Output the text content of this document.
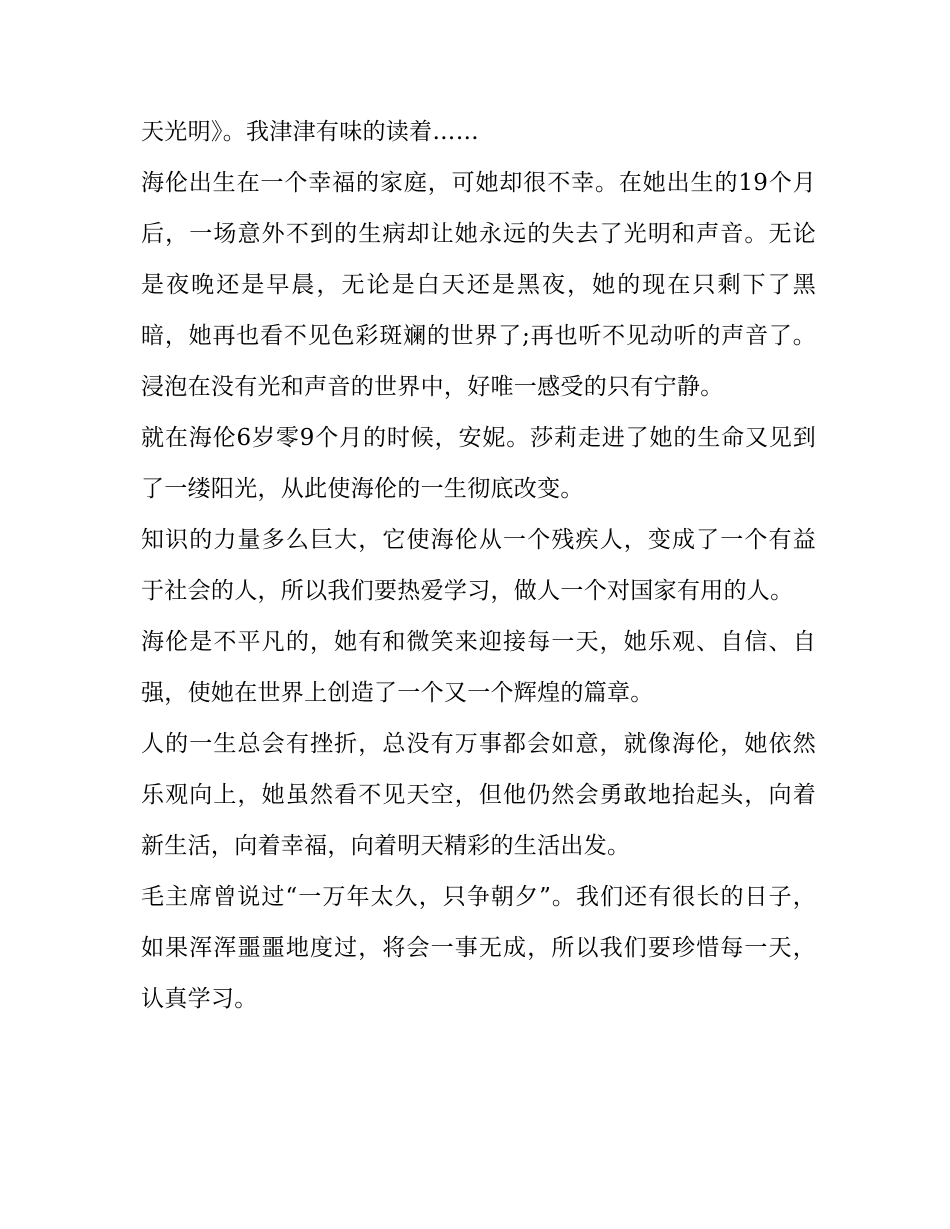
天光明》。我津津有味的读着……

海伦出生在一个幸福的家庭，可她却很不幸。在她出生的19个月后，一场意外不到的生病却让她永远的失去了光明和声音。无论是夜晚还是早晨，无论是白天还是黑夜，她的现在只剩下了黑暗，她再也看不见色彩斑斓的世界了;再也听不见动听的声音了。浸泡在没有光和声音的世界中，好唯一感受的只有宁静。

就在海伦6岁零9个月的时候，安妮。莎莉走进了她的生命又见到了一缕阳光，从此使海伦的一生彻底改变。

知识的力量多么巨大，它使海伦从一个残疾人，变成了一个有益于社会的人，所以我们要热爱学习，做人一个对国家有用的人。

海伦是不平凡的，她有和微笑来迎接每一天，她乐观、自信、自强，使她在世界上创造了一个又一个辉煌的篇章。

人的一生总会有挫折，总没有万事都会如意，就像海伦，她依然乐观向上，她虽然看不见天空，但他仍然会勇敢地抬起头，向着新生活，向着幸福，向着明天精彩的生活出发。

毛主席曾说过“一万年太久，只争朝夕”。我们还有很长的日子，如果浑浑噩噩地度过，将会一事无成，所以我们要珍惜每一天，认真学习。
